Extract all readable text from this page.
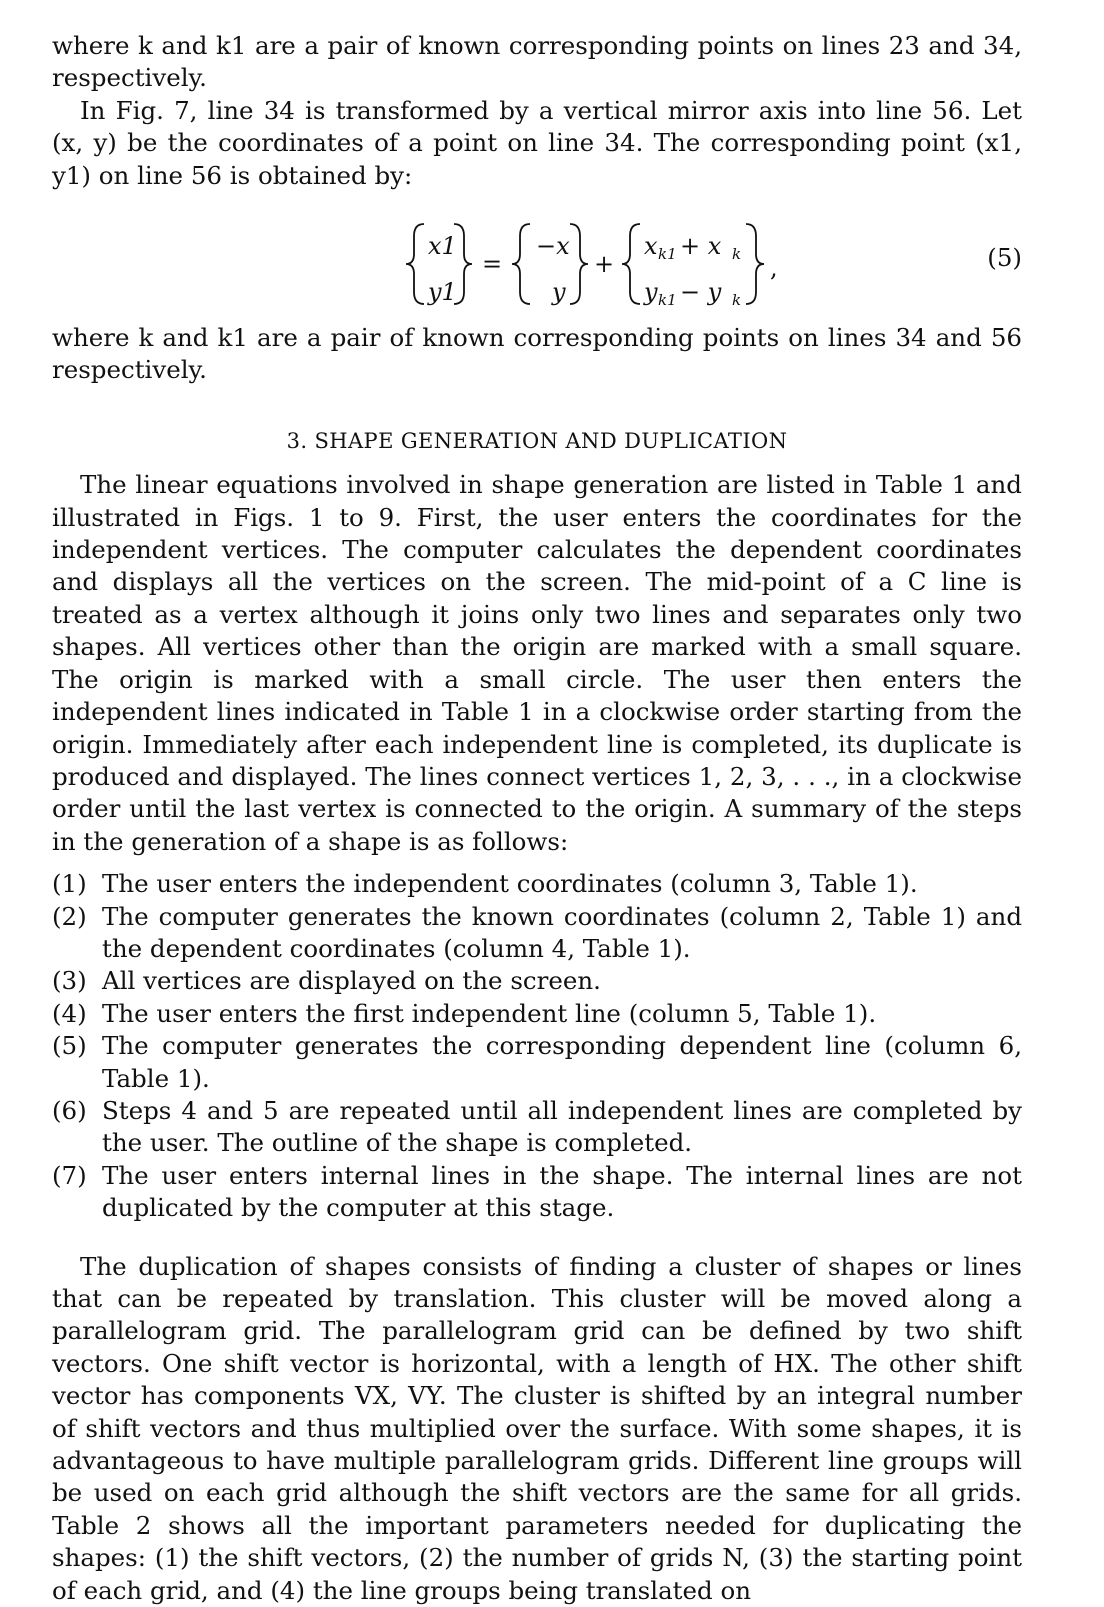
where k and k1 are a pair of known corresponding points on lines 23 and 34, respectively.

In Fig. 7, line 34 is transformed by a vertical mirror axis into line 56. Let (x, y) be the coordinates of a point on line 34. The corresponding point (x1, y1) on line 56 is obtained by:

x1
y1
=
−x
y
+
x k1 + x k
y k1 − y k
,	(5)

where k and k1 are a pair of known corresponding points on lines 34 and 56 respectively.

3. SHAPE GENERATION AND DUPLICATION

The linear equations involved in shape generation are listed in Table 1 and illustrated in Figs. 1 to 9. First, the user enters the coordinates for the independent vertices. The computer calculates the dependent coordinates and displays all the vertices on the screen. The mid-point of a C line is treated as a vertex although it joins only two lines and separates only two shapes. All vertices other than the origin are marked with a small square. The origin is marked with a small circle. The user then enters the independent lines indicated in Table 1 in a clockwise order starting from the origin. Immediately after each independent line is completed, its duplicate is produced and displayed. The lines connect vertices 1, 2, 3, . . ., in a clockwise order until the last vertex is connected to the origin. A summary of the steps in the generation of a shape is as follows:

(1) The user enters the independent coordinates (column 3, Table 1).
(2) The computer generates the known coordinates (column 2, Table 1) and the dependent coordinates (column 4, Table 1).
(3) All vertices are displayed on the screen.
(4) The user enters the first independent line (column 5, Table 1).
(5) The computer generates the corresponding dependent line (column 6, Table 1).
(6) Steps 4 and 5 are repeated until all independent lines are completed by the user. The outline of the shape is completed.
(7) The user enters internal lines in the shape. The internal lines are not duplicated by the computer at this stage.

The duplication of shapes consists of finding a cluster of shapes or lines that can be repeated by translation. This cluster will be moved along a parallelogram grid. The parallelogram grid can be defined by two shift vectors. One shift vector is horizontal, with a length of HX. The other shift vector has components VX, VY. The cluster is shifted by an integral number of shift vectors and thus multiplied over the surface. With some shapes, it is advantageous to have multiple parallelogram grids. Different line groups will be used on each grid although the shift vectors are the same for all grids. Table 2 shows all the important parameters needed for duplicating the shapes: (1) the shift vectors, (2) the number of grids N, (3) the starting point of each grid, and (4) the line groups being translated on
